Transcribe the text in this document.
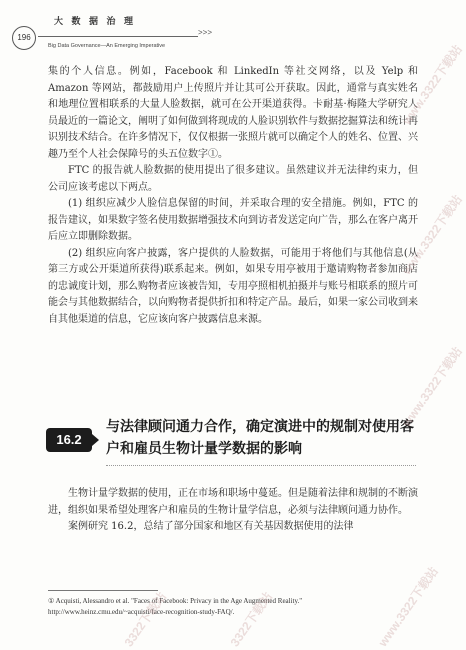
196
大 数 据 治 理
>>>
Big Data Governance—An Emerging Imperative

集的个人信息。例如，Facebook 和 LinkedIn 等社交网络，以及 Yelp 和 Amazon 等网站，都鼓励用户上传照片并让其可公开获取。因此，通常与真实姓名和地理位置相联系的大量人脸数据，就可在公开渠道获得。卡耐基·梅隆大学研究人员最近的一篇论文，阐明了如何做到将现成的人脸识别软件与数据挖掘算法和统计再识别技术结合。在许多情况下，仅仅根据一张照片就可以确定个人的姓名、位置、兴趣乃至个人社会保障号的头五位数字①。

FTC 的报告就人脸数据的使用提出了很多建议。虽然建议并无法律约束力，但公司应该考虑以下两点。

(1) 组织应减少人脸信息保留的时间，并采取合理的安全措施。例如，FTC 的报告建议，如果数字签名使用数据增强技术向到访者发送定向广告，那么在客户离开后应立即删除数据。

(2) 组织应向客户披露，客户提供的人脸数据，可能用于将他们与其他信息(从第三方或公开渠道所获得)联系起来。例如，如果专用亭被用于邀请购物者参加商店的忠诚度计划，那么购物者应该被告知，专用亭照相机拍摄并与账号相联系的照片可能会与其他数据结合，以向购物者提供折扣和特定产品。最后，如果一家公司收到来自其他渠道的信息，它应该向客户披露信息来源。

16.2
与法律顾问通力合作，确定演进中的规制对使用客户和雇员生物计量学数据的影响

生物计量学数据的使用，正在市场和职场中蔓延。但是随着法律和规制的不断演进，组织如果希望处理客户和雇员的生物计量学信息，必须与法律顾问通力协作。

案例研究 16.2，总结了部分国家和地区有关基因数据使用的法律

① Acquisti, Alessandro et al. "Faces of Facebook: Privacy in the Age Augmented Reality." http://www.heinz.cmu.edu/~acquisti/face-recognition-study-FAQ/.
www.3322下载站
www.3322下载站
www.3322下载站
3322下载站	3322下载站	www.3322下载站
